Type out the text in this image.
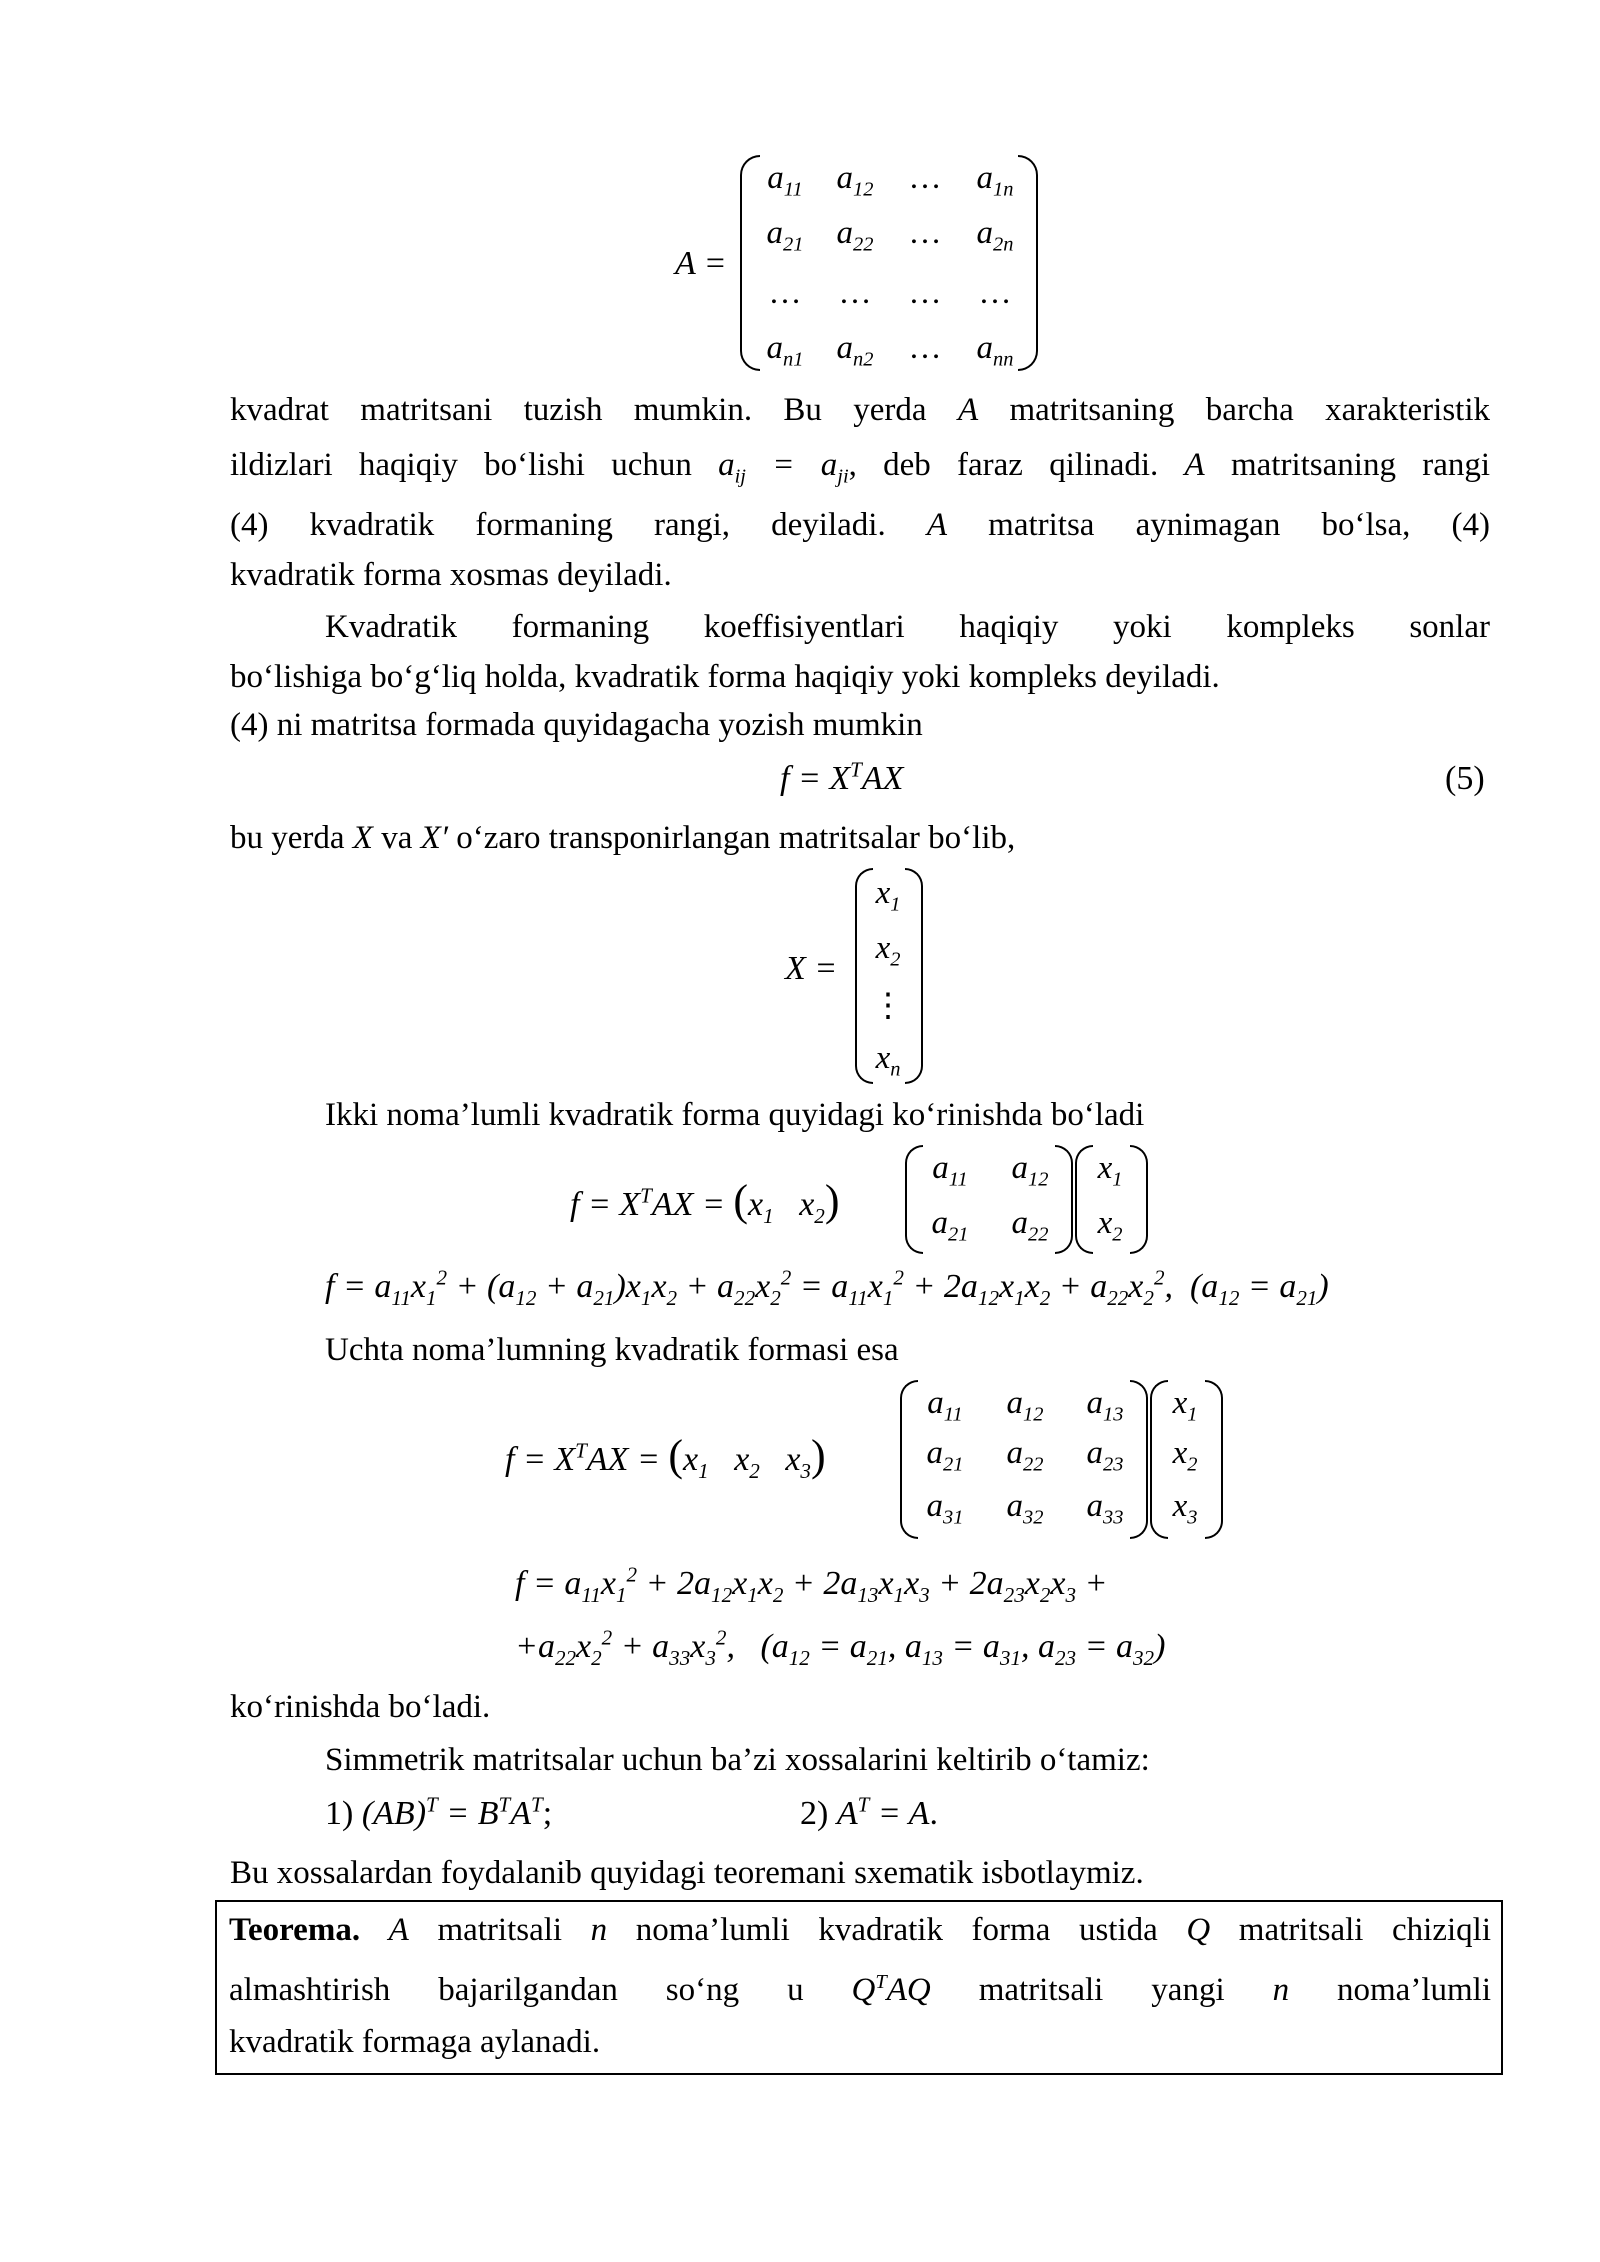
A =
$a_{11}$	$a_{12}$	…	$a_{1n}$
$a_{21}$	$a_{22}$	…	$a_{2n}$
…	…	…	…
$a_{n1}$	$a_{n2}$	…	$a_{nn}$
kvadrat matritsani tuzish mumkin. Bu yerda A matritsaning barcha xarakteristik
ildizlari haqiqiy bo‘lishi uchun $a_{ij} = a_{ji}$, deb faraz qilinadi. A matritsaning rangi
(4) kvadratik formaning rangi, deyiladi. A matritsa aynimagan bo‘lsa, (4)
kvadratik forma xosmas deyiladi.
Kvadratik formaning koeffisiyentlari haqiqiy yoki kompleks sonlar
bo‘lishiga bo‘g‘liq holda, kvadratik forma haqiqiy yoki kompleks deyiladi.
(4) ni matritsa formada quyidagacha yozish mumkin
$f = X^TAX$	(5)
bu yerda X va X′ o‘zaro transponirlangan matritsalar bo‘lib,
X =
$x_1$
$x_2$
⋮
$x_n$
Ikki noma’lumli kvadratik forma quyidagi ko‘rinishda bo‘ladi
$f = X^TAX = (x_1$   $x_2$)
$a_{11}$	$a_{12}$
$a_{21}$	$a_{22}$
$x_1$
$x_2$
$f = a_{11}x_1^2 + (a_{12} + a_{21})x_1x_2 + a_{22}x_2^2 = a_{11}x_1^2 + 2a_{12}x_1x_2 + a_{22}x_2^2$,  $(a_{12} = a_{21})$
Uchta noma’lumning kvadratik formasi esa
$f = X^TAX = (x_1$   $x_2$   $x_3$)
$a_{11}$	$a_{12}$	$a_{13}$
$a_{21}$	$a_{22}$	$a_{23}$
$a_{31}$	$a_{32}$	$a_{33}$
$x_1$
$x_2$
$x_3$
$f = a_{11}x_1^2 + 2a_{12}x_1x_2 + 2a_{13}x_1x_3 + 2a_{23}x_2x_3$ +
$+a_{22}x_2^2 + a_{33}x_3^2$,   ($a_{12} = a_{21}$, $a_{13} = a_{31}$, $a_{23} = a_{32}$)
ko‘rinishda bo‘ladi.
Simmetrik matritsalar uchun ba’zi xossalarini keltirib o‘tamiz:
1) $(AB)^T = B^TA^T$;	2) $A^T = A$.
Bu xossalardan foydalanib quyidagi teoremani sxematik isbotlaymiz.
Teorema. A matritsali n noma’lumli kvadratik forma ustida Q matritsali chiziqli
almashtirish bajarilgandan so‘ng u $Q^TAQ$ matritsali yangi n noma’lumli
kvadratik formaga aylanadi.
